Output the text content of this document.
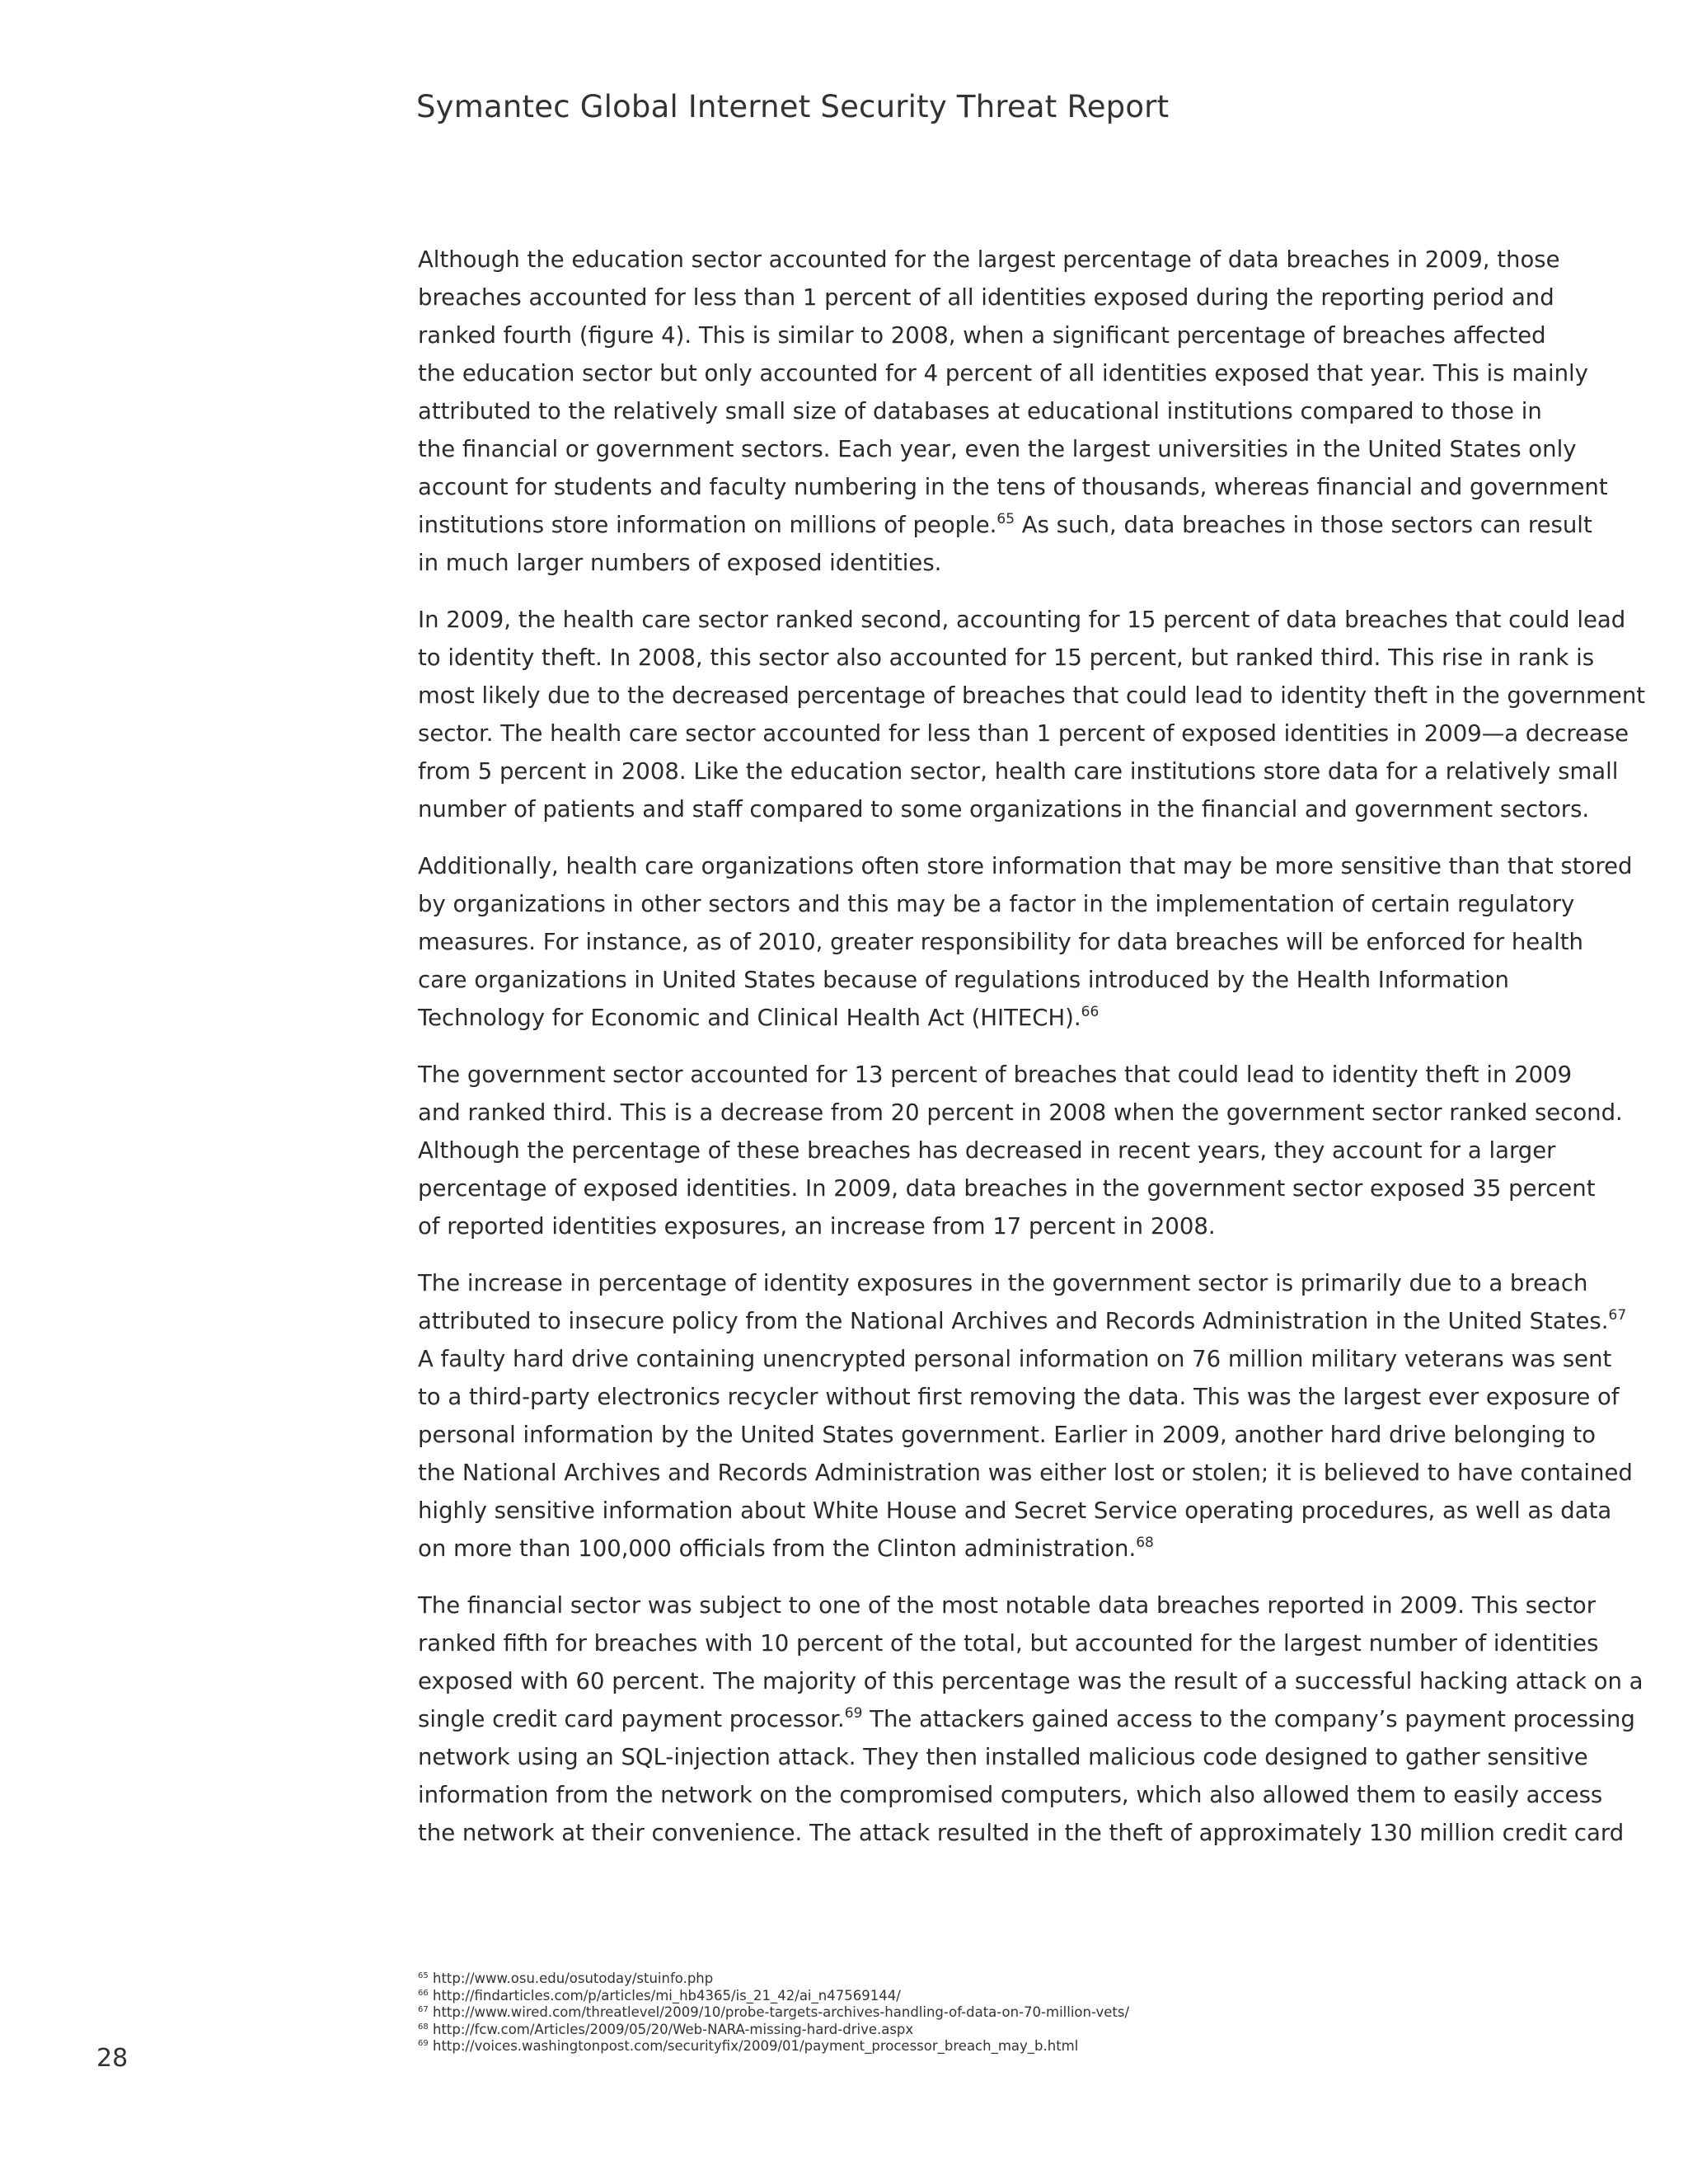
Symantec Global Internet Security Threat Report
Although the education sector accounted for the largest percentage of data breaches in 2009, those
breaches accounted for less than 1 percent of all identities exposed during the reporting period and
ranked fourth (figure 4). This is similar to 2008, when a significant percentage of breaches affected
the education sector but only accounted for 4 percent of all identities exposed that year. This is mainly
attributed to the relatively small size of databases at educational institutions compared to those in
the financial or government sectors. Each year, even the largest universities in the United States only
account for students and faculty numbering in the tens of thousands, whereas financial and government
institutions store information on millions of people.$^{65}$ As such, data breaches in those sectors can result
in much larger numbers of exposed identities.
In 2009, the health care sector ranked second, accounting for 15 percent of data breaches that could lead
to identity theft. In 2008, this sector also accounted for 15 percent, but ranked third. This rise in rank is
most likely due to the decreased percentage of breaches that could lead to identity theft in the government
sector. The health care sector accounted for less than 1 percent of exposed identities in 2009—a decrease
from 5 percent in 2008. Like the education sector, health care institutions store data for a relatively small
number of patients and staff compared to some organizations in the financial and government sectors.
Additionally, health care organizations often store information that may be more sensitive than that stored
by organizations in other sectors and this may be a factor in the implementation of certain regulatory
measures. For instance, as of 2010, greater responsibility for data breaches will be enforced for health
care organizations in United States because of regulations introduced by the Health Information
Technology for Economic and Clinical Health Act (HITECH).$^{66}$
The government sector accounted for 13 percent of breaches that could lead to identity theft in 2009
and ranked third. This is a decrease from 20 percent in 2008 when the government sector ranked second.
Although the percentage of these breaches has decreased in recent years, they account for a larger
percentage of exposed identities. In 2009, data breaches in the government sector exposed 35 percent
of reported identities exposures, an increase from 17 percent in 2008.
The increase in percentage of identity exposures in the government sector is primarily due to a breach
attributed to insecure policy from the National Archives and Records Administration in the United States.$^{67}$
A faulty hard drive containing unencrypted personal information on 76 million military veterans was sent
to a third-party electronics recycler without first removing the data. This was the largest ever exposure of
personal information by the United States government. Earlier in 2009, another hard drive belonging to
the National Archives and Records Administration was either lost or stolen; it is believed to have contained
highly sensitive information about White House and Secret Service operating procedures, as well as data
on more than 100,000 officials from the Clinton administration.$^{68}$
The financial sector was subject to one of the most notable data breaches reported in 2009. This sector
ranked fifth for breaches with 10 percent of the total, but accounted for the largest number of identities
exposed with 60 percent. The majority of this percentage was the result of a successful hacking attack on a
single credit card payment processor.$^{69}$ The attackers gained access to the company’s payment processing
network using an SQL-injection attack. They then installed malicious code designed to gather sensitive
information from the network on the compromised computers, which also allowed them to easily access
the network at their convenience. The attack resulted in the theft of approximately 130 million credit card
$^{65}$ http://www.osu.edu/osutoday/stuinfo.php
$^{66}$ http://findarticles.com/p/articles/mi_hb4365/is_21_42/ai_n47569144/
$^{67}$ http://www.wired.com/threatlevel/2009/10/probe-targets-archives-handling-of-data-on-70-million-vets/
$^{68}$ http://fcw.com/Articles/2009/05/20/Web-NARA-missing-hard-drive.aspx
$^{69}$ http://voices.washingtonpost.com/securityfix/2009/01/payment_processor_breach_may_b.html
28
